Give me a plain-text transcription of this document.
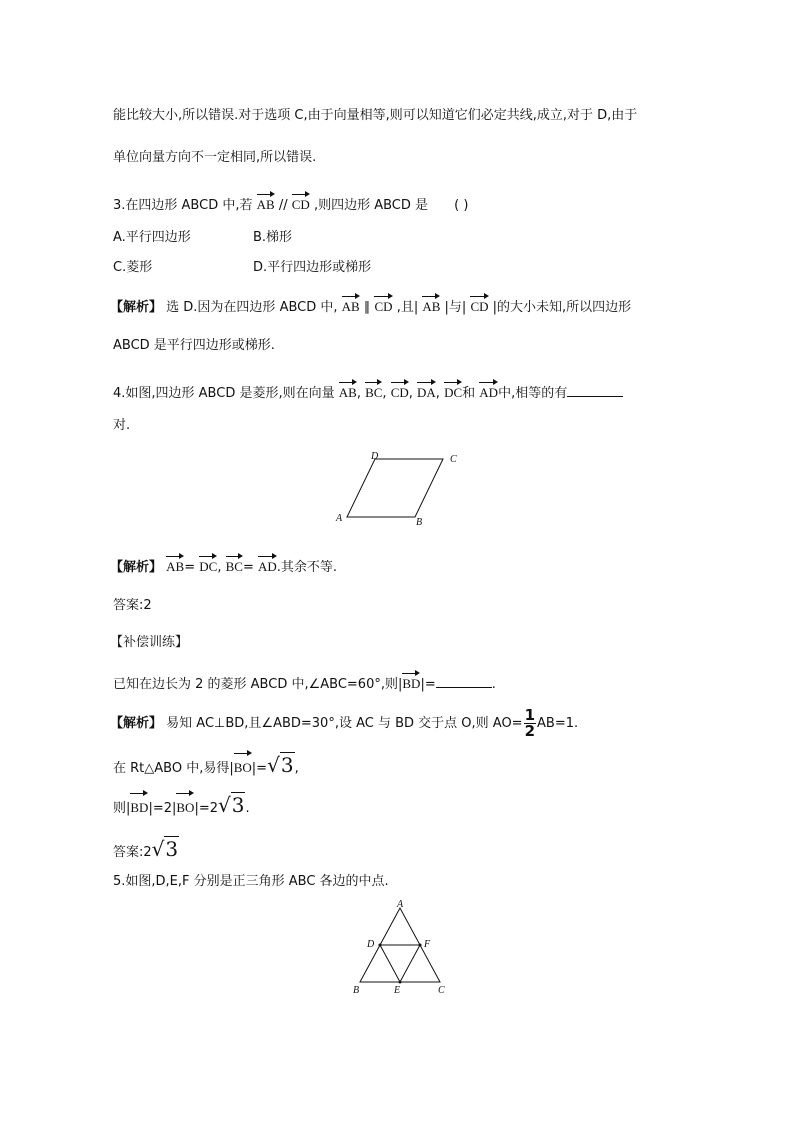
能比较大小,所以错误.对于选项 C,由于向量相等,则可以知道它们必定共线,成立,对于 D,由于
单位向量方向不一定相同,所以错误.
3.在四边形 ABCD 中,若 AB // CD ,则四边形 ABCD 是 ( )
A.平行四边形	B.梯形
C.菱形	D.平行四边形或梯形
【解析】 选 D.因为在四边形 ABCD 中, AB ∥ CD ,且| AB |与| CD |的大小未知,所以四边形
ABCD 是平行四边形或梯形.
4.如图,四边形 ABCD 是菱形,则在向量 AB, BC, CD, DA, DC和 AD中,相等的有
对.
A	B
C
D
【解析】 AB= DC, BC= AD.其余不等.
答案:2
【补偿训练】
已知在边长为 2 的菱形 ABCD 中,∠ABC=60°,则|BD|=	.
【解析】 易知 AC⊥BD,且∠ABD=30°,设 AC 与 BD 交于点 O,则 $AO= \frac{1}{2} AB=1$.
在 Rt△ABO 中,易得|BO|=√3,
则|BD|=2|BO|=2√3.
答案:2√3
5.如图,D,E,F 分别是正三角形 ABC 各边的中点.
A
B	C
D
E
F
